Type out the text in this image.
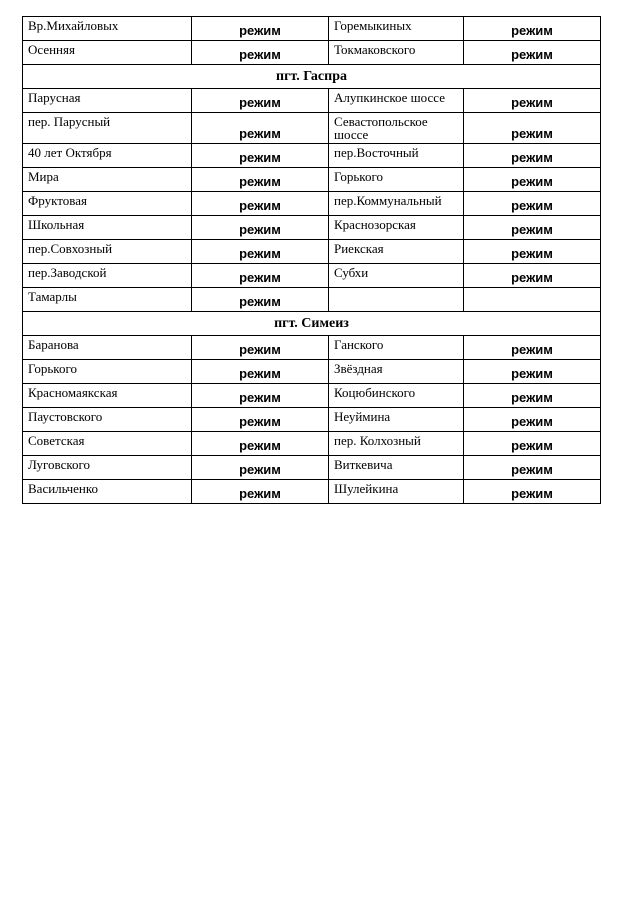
Вр.Михайловых	режим	Горемыкиных	режим
Осенняя	режим	Токмаковского	режим
пгт. Гаспра			
Парусная	режим	Алупкинское шоссе	режим
пер. Парусный	режим	Севастопольское шоссе	режим
40 лет Октября	режим	пер.Восточный	режим
Мира	режим	Горького	режим
Фруктовая	режим	пер.Коммунальный	режим
Школьная	режим	Краснозорская	режим
пер.Совхозный	режим	Риекская	режим
пер.Заводской	режим	Субхи	режим
Тамарлы	режим		
пгт. Симеиз			
Баранова	режим	Ганского	режим
Горького	режим	Звёздная	режим
Красномаякская	режим	Коцюбинского	режим
Паустовского	режим	Неуймина	режим
Советская	режим	пер. Колхозный	режим
Луговского	режим	Виткевича	режим
Васильченко	режим	Шулейкина	режим
